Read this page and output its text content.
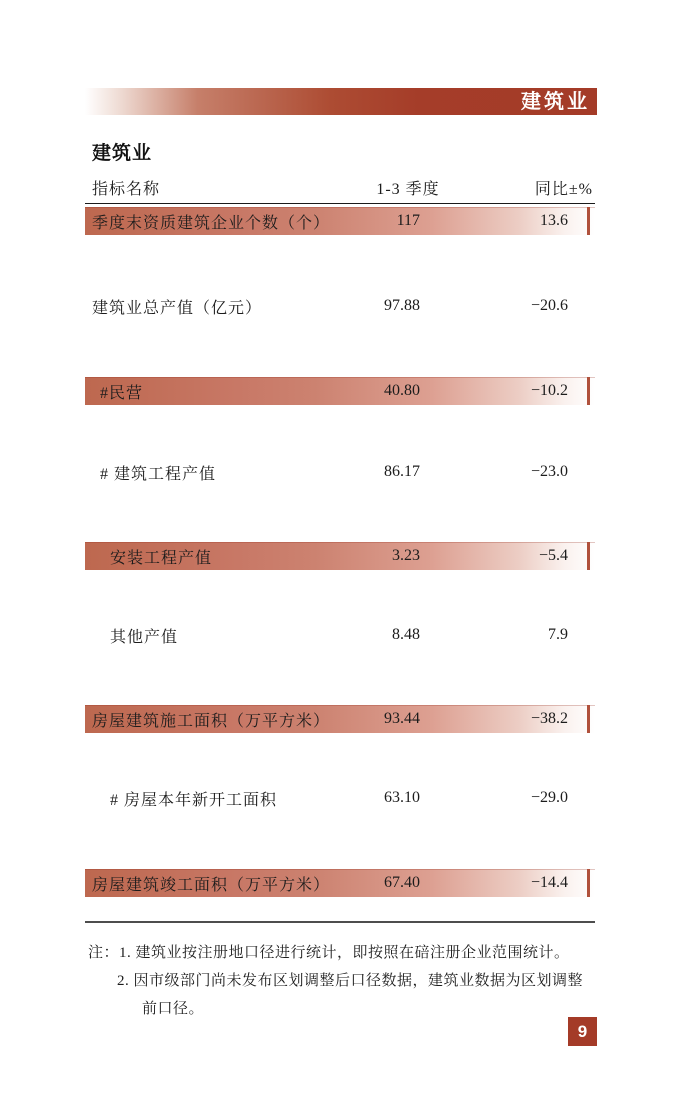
建筑业
建筑业
指标名称	1-3 季度	同比±%
季度末资质建筑企业个数（个）	117	13.6
建筑业总产值（亿元）	97.88	−20.6
#民营	40.80	−10.2
# 建筑工程产值	86.17	−23.0
安装工程产值	3.23	−5.4
其他产值	8.48	7.9
房屋建筑施工面积（万平方米）	93.44	−38.2
# 房屋本年新开工面积	63.10	−29.0
房屋建筑竣工面积（万平方米）	67.40	−14.4
注：1. 建筑业按注册地口径进行统计，即按照在碚注册企业范围统计。
2. 因市级部门尚未发布区划调整后口径数据，建筑业数据为区划调整
前口径。
9
